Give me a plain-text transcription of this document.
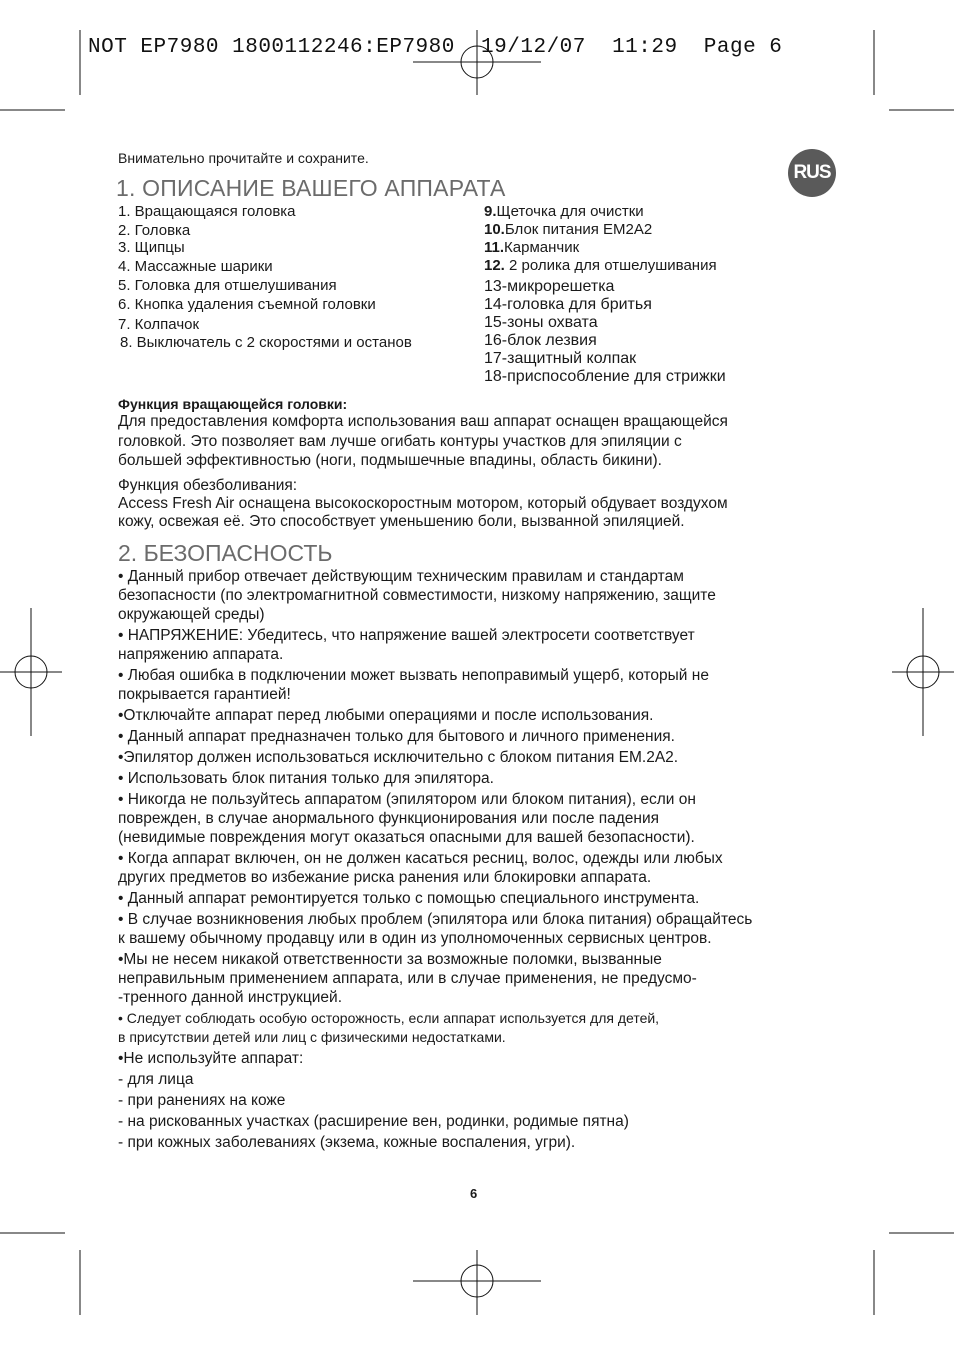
NOT EP7980 1800112246:EP7980  19/12/07  11:29  Page 6
Внимательно прочитайте и сохраните.
RUS
1. ОПИСАНИЕ ВАШЕГО АППАРАТА
1. Вращающаяся головка
2. Головка
3. Щипцы
4. Массажные шарики
5. Головка для отшелушивания
6. Кнопка удаления съемной головки
7. Колпачок
8. Выключатель с 2 скоростями и останов
9.Щеточка для очистки
10.Блок питания EM2A2
11.Карманчик
12. 2 ролика для отшелушивания
13-микрорешетка
14-головка для бритья
15-зоны охвата
16-блок лезвия
17-защитный колпак
18-приспособление для стрижки
Функция вращающейся головки:
Для предоставления комфорта использования ваш аппарат оснащен вращающейся
головкой. Это позволяет вам лучше огибать контуры участков для эпиляции с
большей эффективностью (ноги, подмышечные впадины, область бикини).
Функция обезболивания:
Access Fresh Air оснащена высокоскоростным мотором, который обдувает воздухом
кожу, освежая её. Это способствует уменьшению боли, вызванной эпиляцией.
2. БЕЗОПАСНОСТЬ

• Данный прибор отвечает действующим техническим правилам и стандартам

безопасности (по электромагнитной совместимости, низкому напряжению, защите

окружающей среды)

• НАПРЯЖЕНИЕ: Убедитесь, что напряжение вашей электросети соответствует

напряжению аппарата.

• Любая ошибка в подключении может вызвать непоправимый ущерб, который не

покрывается гарантией!

•Отключайте аппарат перед любыми операциями и после использования.

• Данный аппарат предназначен только для бытового и личного применения.

•Эпилятор должен использоваться исключительно с блоком питания EM.2A2.

• Использовать блок питания только для эпилятора.

• Никогда не пользуйтесь аппаратом (эпилятором или блоком питания), если он

поврежден, в случае анормального функционирования или после падения

(невидимые повреждения могут оказаться опасными для вашей безопасности).

• Когда аппарат включен, он не должен касаться ресниц, волос, одежды или любых

других предметов во избежание риска ранения или блокировки аппарата.

• Данный аппарат ремонтируется только с помощью специального инструмента.

• В случае возникновения любых проблем (эпилятора или блока питания) обращайтесь

к вашему обычному продавцу или в один из уполномоченных сервисных центров.

•Мы не несем никакой ответственности за возможные поломки, вызванные

неправильным применением аппарата, или в случае применения, не предусмо-

-тренного данной инструкцией.

• Следует соблюдать особую осторожность, если аппарат используется для детей,

в присутствии детей или лиц с физическими недостатками.

•Не используйте аппарат:

- для лица

- при ранениях на коже

- на рискованных участках (расширение вен, родинки, родимые пятна)

- при кожных заболеваниях (экзема, кожные воспаления, угри).

6
